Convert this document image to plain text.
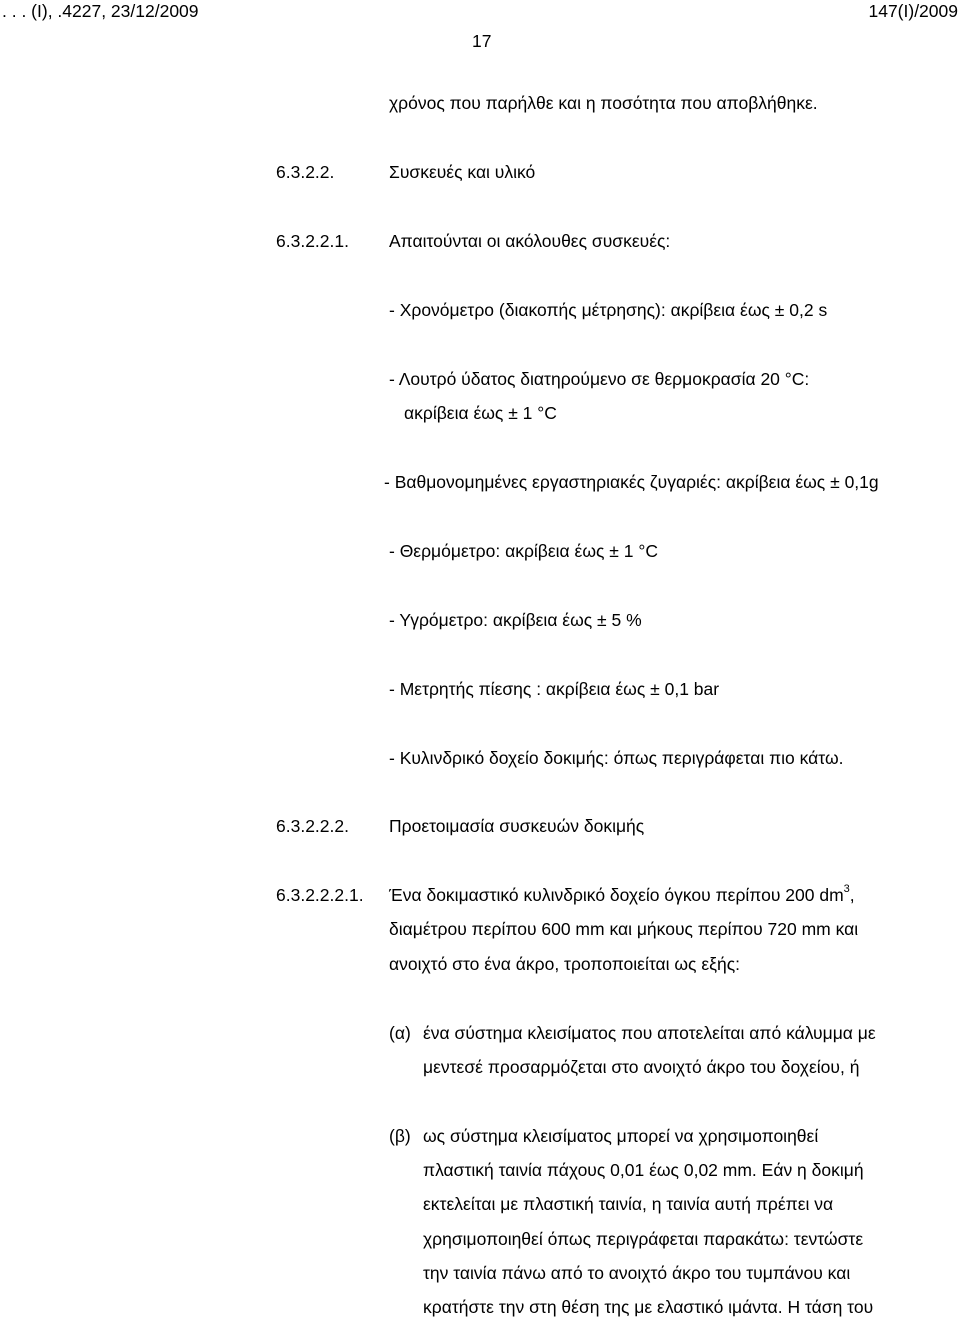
. . . (Ι), .4227, 23/12/2009	147(Ι)/2009
17
χρόνος που παρήλθε και η ποσότητα που αποβλήθηκε.
6.3.2.2.	Συσκευές και υλικό
6.3.2.2.1. Απαιτούνται οι ακόλουθες συσκευές:
- Χρονόμετρο (διακοπής μέτρησης): ακρίβεια έως ± 0,2 s
- Λουτρό ύδατος διατηρούμενο σε θερμοκρασία 20 °C:
ακρίβεια έως ± 1 °C
- Βαθμονομημένες εργαστηριακές ζυγαριές: ακρίβεια έως ± 0,1g
- Θερμόμετρο: ακρίβεια έως ± 1 °C
- Υγρόμετρο: ακρίβεια έως ± 5 %
- Μετρητής πίεσης : ακρίβεια έως ± 0,1 bar
- Κυλινδρικό δοχείο δοκιμής: όπως περιγράφεται πιο κάτω.
6.3.2.2.2. Προετοιμασία συσκευών δοκιμής
6.3.2.2.2.1. Ένα δοκιμαστικό κυλινδρικό δοχείο όγκου περίπου 200 $dm^3$,
διαμέτρου περίπου 600 mm και μήκους περίπου 720 mm και
ανοιχτό στο ένα άκρο, τροποποιείται ως εξής:
(α) ένα σύστημα κλεισίματος που αποτελείται από κάλυμμα με
μεντεσέ προσαρμόζεται στο ανοιχτό άκρο του δοχείου, ή
(β) ως σύστημα κλεισίματος μπορεί να χρησιμοποιηθεί
πλαστική ταινία πάχους 0,01 έως 0,02 mm. Εάν η δοκιμή
εκτελείται με πλαστική ταινία, η ταινία αυτή πρέπει να
χρησιμοποιηθεί όπως περιγράφεται παρακάτω: τεντώστε
την ταινία πάνω από το ανοιχτό άκρο του τυμπάνου και
κρατήστε την στη θέση της με ελαστικό ιμάντα. Η τάση του
